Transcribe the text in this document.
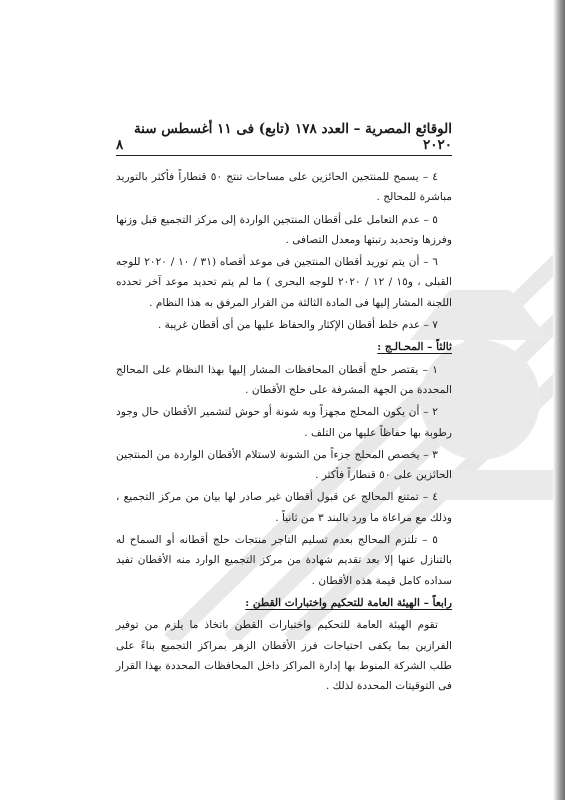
الوقائع المصرية – العدد ١٧٨ (تابع) فى ١١ أغسطس سنة ٢٠٢٠
٨

٤ – يسمح للمنتجين الحائزين على مساحات تنتج ٥٠ قنطاراً فأكثر بالتوريد مباشرة للمحالج .

٥ – عدم التعامل على أقطان المنتجين الواردة إلى مركز التجميع قبل وزنها وفرزها وتحديد رتبتها ومعدل التصافى .

٦ – أن يتم توريد أقطان المنتجين فى موعد أقصاه (٣١ / ١٠ / ٢٠٢٠ للوجه القبلى ، و١٥ / ١٢ / ٢٠٢٠ للوجه البحرى ) ما لم يتم تحديد موعد آخر تحدده اللجنة المشار إليها فى المادة الثالثة من القرار المرفق به هذا النظام .

٧ – عدم خلط أقطان الإكثار والحفاظ عليها من أى أقطان غريبة .

ثالثاً – المحـالـج :

١ – يقتصر حلج أقطان المحافظات المشار إليها بهذا النظام على المحالج المحددة من الجهة المشرفة على حلج الأقطان .

٢ – أن يكون المحلج مجهزاً وبه شونة أو حوش لتشمير الأقطان حال وجود رطوبة بها حفاظاً عليها من التلف .

٣ – يخصص المحلج جزءاً من الشونة لاستلام الأقطان الواردة من المنتجين الحائزين على ٥٠ قنطاراً فأكثر .

٤ – تمتنع المحالج عن قبول أقطان غير صادر لها بيان من مركز التجميع ، وذلك مع مراعاة ما ورد بالبند ٣ من ثانياً .

٥ – تلتزم المحالج بعدم تسليم التاجر منتجات حلج أقطانه أو السماح له بالتنازل عنها إلا بعد تقديم شهادة من مركز التجميع الوارد منه الأقطان تفيد سداده كامل قيمة هذه الأقطان .

رابعاً – الهيئة العامة للتحكيم واختبارات القطن :

تقوم الهيئة العامة للتحكيم واختبارات القطن باتخاذ ما يلزم من توفير الفرازين بما يكفى احتياجات فرز الأقطان الزهر بمراكز التجميع بناءً على طلب الشركة المنوط بها إدارة المراكز داخل المحافظات المحددة بهذا القرار فى التوقيتات المحددة لذلك .
